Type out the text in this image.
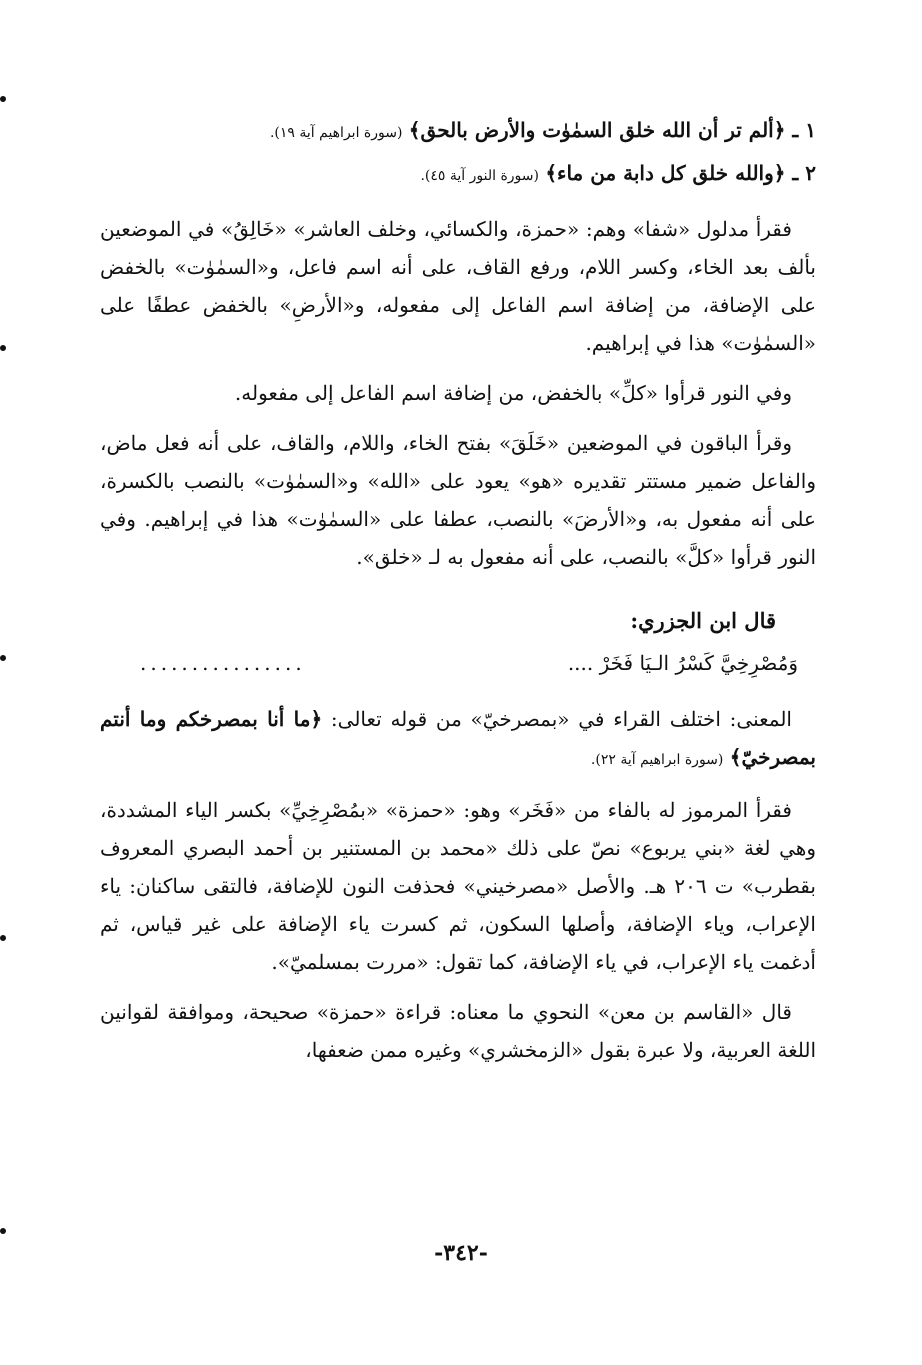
١ ـ ﴿ألم تر أن الله خلق السمٰوٰت والأرض بالحق﴾ (سورة ابراهيم آية ١٩).

٢ ـ ﴿والله خلق كل دابة من ماء﴾ (سورة النور آية ٤٥).

فقرأ مدلول «شفا» وهم: «حمزة، والكسائي، وخلف العاشر» «خَالِقُ» في الموضعين بألف بعد الخاء، وكسر اللام، ورفع القاف، على أنه اسم فاعل، و«السمٰوٰت» بالخفض على الإضافة، من إضافة اسم الفاعل إلى مفعوله، و«الأرضِ» بالخفض عطفًا على «السمٰوٰت» هذا في إبراهيم.

وفي النور قرأوا «كلِّ» بالخفض، من إضافة اسم الفاعل إلى مفعوله.

وقرأ الباقون في الموضعين «خَلَقَ» بفتح الخاء، واللام، والقاف، على أنه فعل ماض، والفاعل ضمير مستتر تقديره «هو» يعود على «الله» و«السمٰوٰت» بالنصب بالكسرة، على أنه مفعول به، و«الأرضَ» بالنصب، عطفا على «السمٰوٰت» هذا في إبراهيم. وفي النور قرأوا «كلَّ» بالنصب، على أنه مفعول به لـ «خلق».

قال ابن الجزري:
وَمُصْرِخِيَّ كَسْرُ الـيَا فَخَرْ ....
................

المعنى: اختلف القراء في «بمصرخيّ» من قوله تعالى: ﴿ما أنا بمصرخكم وما أنتم بمصرخيّ﴾ (سورة ابراهيم آية ٢٢).

فقرأ المرموز له بالفاء من «فَخَر» وهو: «حمزة» «بمُصْرِخِيِّ» بكسر الياء المشددة، وهي لغة «بني يربوع» نصّ على ذلك «محمد بن المستنير بن أحمد البصري المعروف بقطرب» ت ٢٠٦ هـ. والأصل «مصرخيني» فحذفت النون للإضافة، فالتقى ساكنان: ياء الإعراب، وياء الإضافة، وأصلها السكون، ثم كسرت ياء الإضافة على غير قياس، ثم أدغمت ياء الإعراب، في ياء الإضافة، كما تقول: «مررت بمسلميّ».

قال «القاسم بن معن» النحوي ما معناه: قراءة «حمزة» صحيحة، وموافقة لقوانين اللغة العربية، ولا عبرة بقول «الزمخشري» وغيره ممن ضعفها،

-٣٤٢-
